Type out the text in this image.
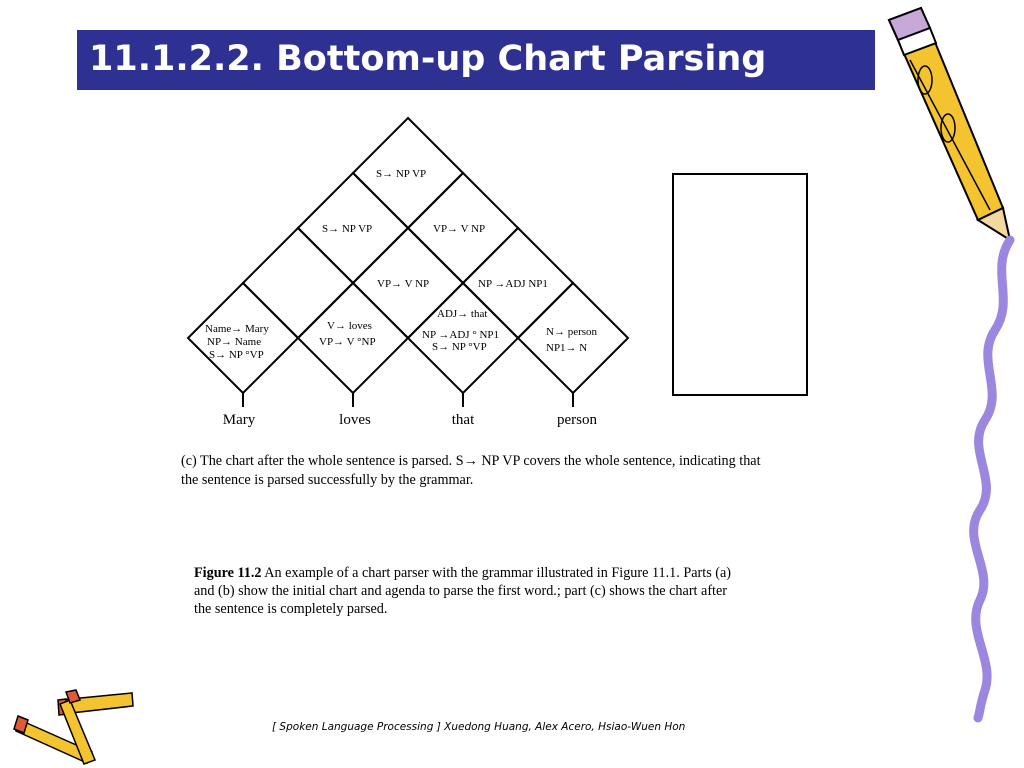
11.1.2.2. Bottom-up Chart Parsing
S→ NP VP
S→ NP VP	VP→ V NP
VP→ V NP	NP →ADJ NP1
Name→ Mary
NP→ Name
S→ NP °VP
V→ loves
VP→ V °NP
ADJ→ that
NP →ADJ ° NP1
S→ NP °VP
N→ person
NP1→ N
Mary	loves	that	person

(c) The chart after the whole sentence is parsed. S→ NP VP covers the whole sentence, indicating that
the sentence is parsed successfully by the grammar.

Figure 11.2 An example of a chart parser with the grammar illustrated in Figure 11.1. Parts (a)
and (b) show the initial chart and agenda to parse the first word.; part (c) shows the chart after
the sentence is completely parsed.

[ Spoken Language Processing ] Xuedong Huang, Alex Acero, Hsiao-Wuen Hon
